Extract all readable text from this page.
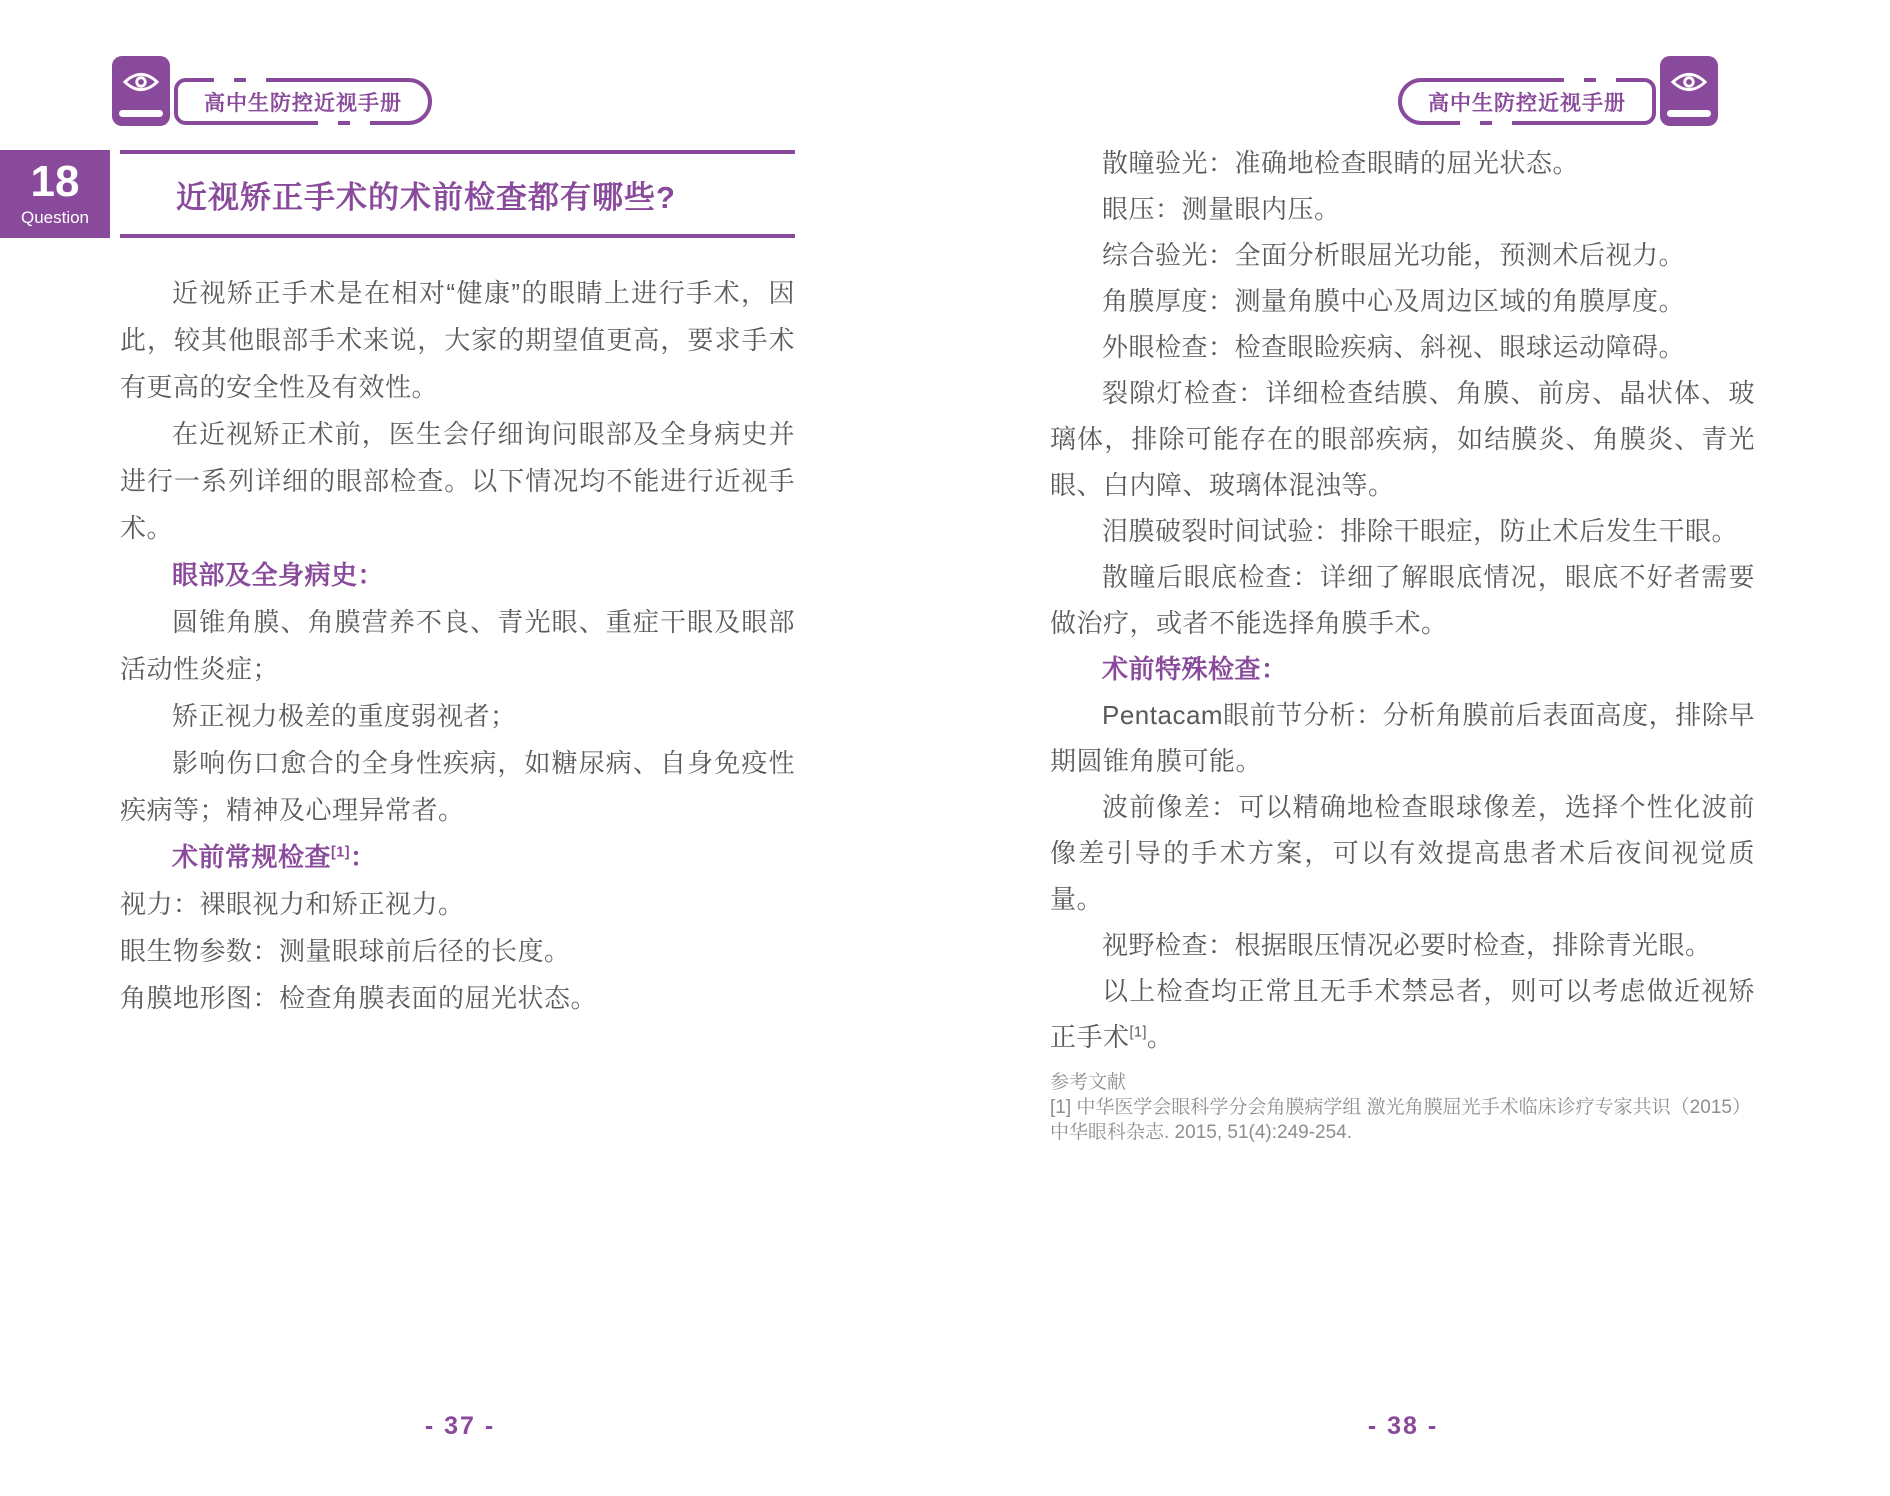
高中生防控近视手册	高中生防控近视手册
18
Question
近视矫正手术的术前检查都有哪些?

近视矫正手术是在相对“健康”的眼睛上进行手术，因此，较其他眼部手术来说，大家的期望值更高，要求手术有更高的安全性及有效性。

在近视矫正术前，医生会仔细询问眼部及全身病史并进行一系列详细的眼部检查。以下情况均不能进行近视手术。

眼部及全身病史：

圆锥角膜、角膜营养不良、青光眼、重症干眼及眼部活动性炎症；

矫正视力极差的重度弱视者；

影响伤口愈合的全身性疾病，如糖尿病、自身免疫性疾病等；精神及心理异常者。

术前常规检查[1]：

视力：裸眼视力和矫正视力。

眼生物参数：测量眼球前后径的长度。

角膜地形图：检查角膜表面的屈光状态。

散瞳验光：准确地检查眼睛的屈光状态。

眼压：测量眼内压。

综合验光：全面分析眼屈光功能，预测术后视力。

角膜厚度：测量角膜中心及周边区域的角膜厚度。

外眼检查：检查眼睑疾病、斜视、眼球运动障碍。

裂隙灯检查：详细检查结膜、角膜、前房、晶状体、玻璃体，排除可能存在的眼部疾病，如结膜炎、角膜炎、青光眼、白内障、玻璃体混浊等。

泪膜破裂时间试验：排除干眼症，防止术后发生干眼。

散瞳后眼底检查：详细了解眼底情况，眼底不好者需要做治疗，或者不能选择角膜手术。

术前特殊检查：

Pentacam眼前节分析：分析角膜前后表面高度，排除早期圆锥角膜可能。

波前像差：可以精确地检查眼球像差，选择个性化波前像差引导的手术方案，可以有效提高患者术后夜间视觉质量。

视野检查：根据眼压情况必要时检查，排除青光眼。

以上检查均正常且无手术禁忌者，则可以考虑做近视矫正手术[1]。

参考文献

[1] 中华医学会眼科学分会角膜病学组 激光角膜屈光手术临床诊疗专家共识（2015）中华眼科杂志. 2015, 51(4):249-254.

- 37 -	- 38 -
